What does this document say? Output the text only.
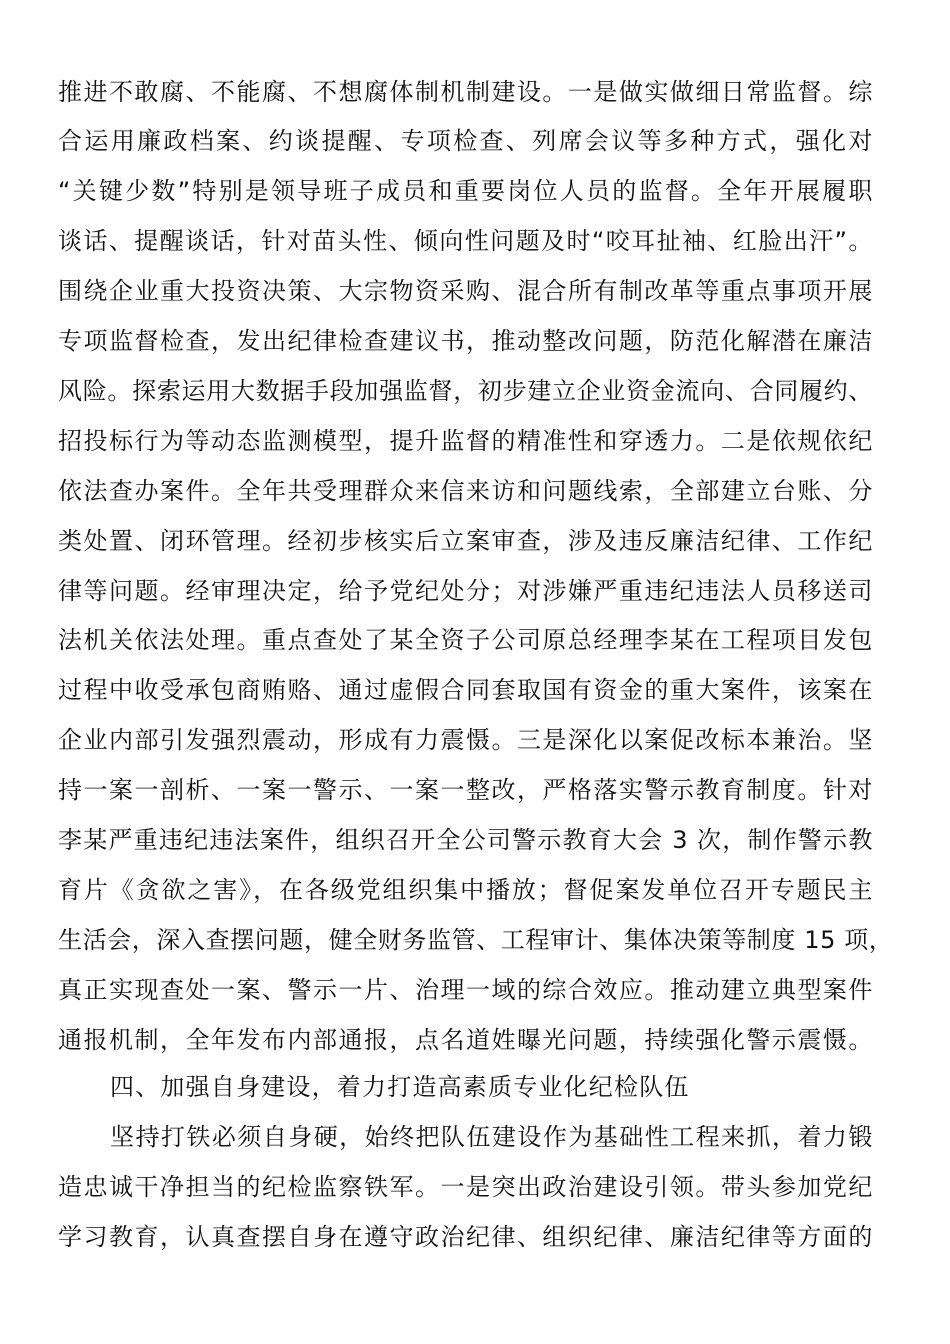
推进不敢腐、不能腐、不想腐体制机制建设。一是做实做细日常监督。综
合运用廉政档案、约谈提醒、专项检查、列席会议等多种方式，强化对
“关键少数”特别是领导班子成员和重要岗位人员的监督。全年开展履职
谈话、提醒谈话，针对苗头性、倾向性问题及时“咬耳扯袖、红脸出汗”。
围绕企业重大投资决策、大宗物资采购、混合所有制改革等重点事项开展
专项监督检查，发出纪律检查建议书，推动整改问题，防范化解潜在廉洁
风险。探索运用大数据手段加强监督，初步建立企业资金流向、合同履约、
招投标行为等动态监测模型，提升监督的精准性和穿透力。二是依规依纪
依法查办案件。全年共受理群众来信来访和问题线索，全部建立台账、分
类处置、闭环管理。经初步核实后立案审查，涉及违反廉洁纪律、工作纪
律等问题。经审理决定，给予党纪处分；对涉嫌严重违纪违法人员移送司
法机关依法处理。重点查处了某全资子公司原总经理李某在工程项目发包
过程中收受承包商贿赂、通过虚假合同套取国有资金的重大案件，该案在
企业内部引发强烈震动，形成有力震慑。三是深化以案促改标本兼治。坚
持一案一剖析、一案一警示、一案一整改，严格落实警示教育制度。针对
李某严重违纪违法案件，组织召开全公司警示教育大会 3 次，制作警示教
育片《贪欲之害》，在各级党组织集中播放；督促案发单位召开专题民主
生活会，深入查摆问题，健全财务监管、工程审计、集体决策等制度 15 项，
真正实现查处一案、警示一片、治理一域的综合效应。推动建立典型案件
通报机制，全年发布内部通报，点名道姓曝光问题，持续强化警示震慑。
四、加强自身建设，着力打造高素质专业化纪检队伍
坚持打铁必须自身硬，始终把队伍建设作为基础性工程来抓，着力锻
造忠诚干净担当的纪检监察铁军。一是突出政治建设引领。带头参加党纪
学习教育，认真查摆自身在遵守政治纪律、组织纪律、廉洁纪律等方面的
